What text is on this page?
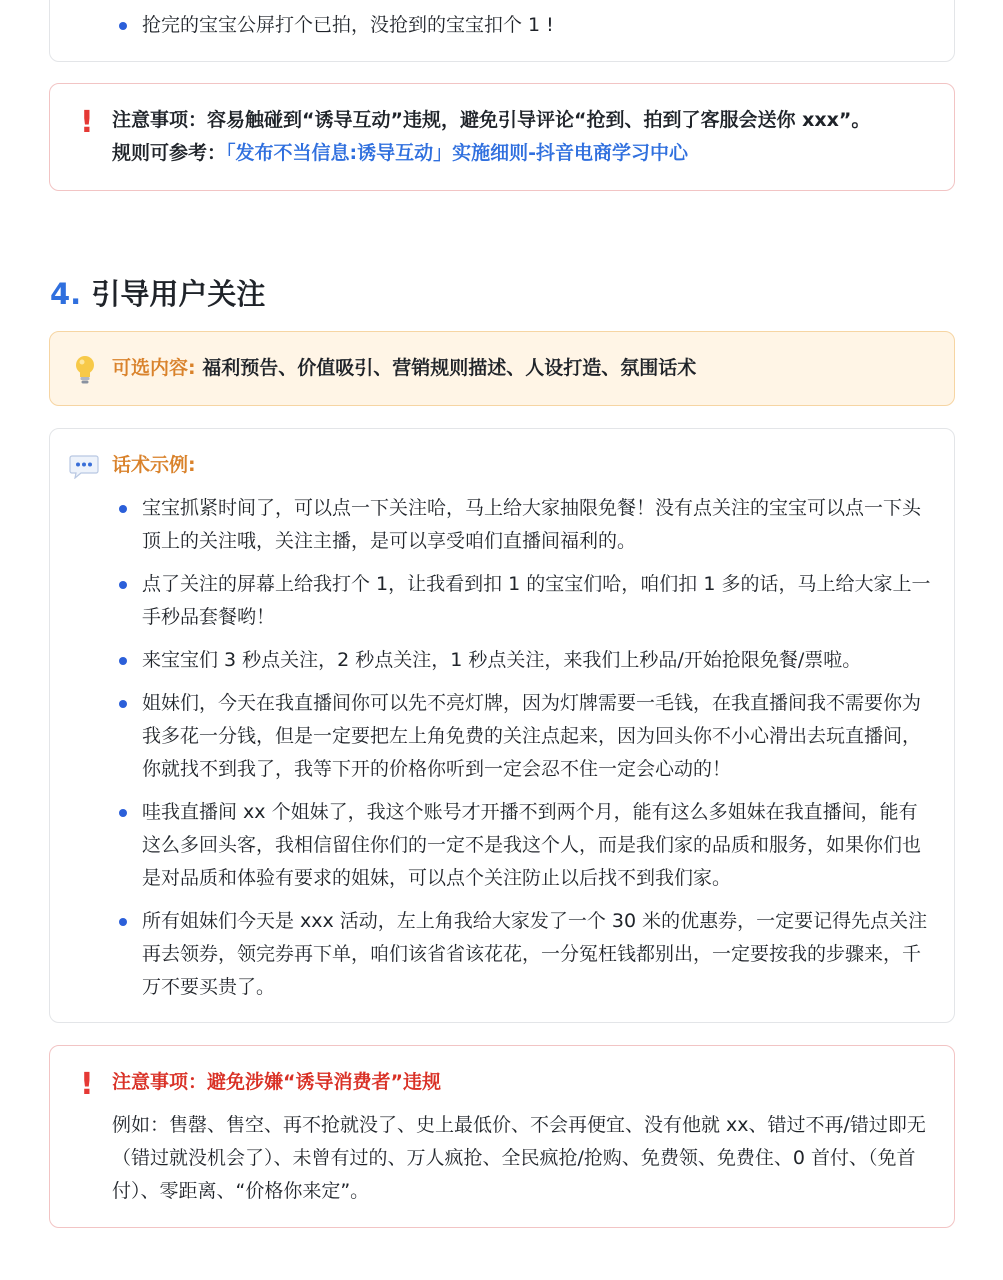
抢完的宝宝公屏打个已拍，没抢到的宝宝扣个 1 !
! 注意事项：容易触碰到“诱导互动”违规，避免引导评论“抢到、拍到了客服会送你 xxx”。规则可参考：「发布不当信息:诱导互动」实施细则-抖音电商学习中心
4. 引导用户关注
可选内容: 福利预告、价值吸引、营销规则描述、人设打造、氛围话术
话术示例:
宝宝抓紧时间了，可以点一下关注哈，马上给大家抽限免餐！没有点关注的宝宝可以点一下头顶上的关注哦，关注主播，是可以享受咱们直播间福利的。
点了关注的屏幕上给我打个 1，让我看到扣 1 的宝宝们哈，咱们扣 1 多的话，马上给大家上一手秒品套餐哟！
来宝宝们 3 秒点关注，2 秒点关注，1 秒点关注，来我们上秒品/开始抢限免餐/票啦。
姐妹们，今天在我直播间你可以先不亮灯牌，因为灯牌需要一毛钱，在我直播间我不需要你为我多花一分钱，但是一定要把左上角免费的关注点起来，因为回头你不小心滑出去玩直播间，你就找不到我了，我等下开的价格你听到一定会忍不住一定会心动的！
哇我直播间 xx 个姐妹了，我这个账号才开播不到两个月，能有这么多姐妹在我直播间，能有这么多回头客，我相信留住你们的一定不是我这个人，而是我们家的品质和服务，如果你们也是对品质和体验有要求的姐妹，可以点个关注防止以后找不到我们家。
所有姐妹们今天是 xxx 活动，左上角我给大家发了一个 30 米的优惠券，一定要记得先点关注再去领券，领完券再下单，咱们该省省该花花，一分冤枉钱都别出，一定要按我的步骤来，千万不要买贵了。
! 注意事项：避免涉嫌“诱导消费者”违规
例如：售罄、售空、再不抢就没了、史上最低价、不会再便宜、没有他就 xx、错过不再/错过即无（错过就没机会了）、未曾有过的、万人疯抢、全民疯抢/抢购、免费领、免费住、0 首付、（免首付）、零距离、“价格你来定”。
